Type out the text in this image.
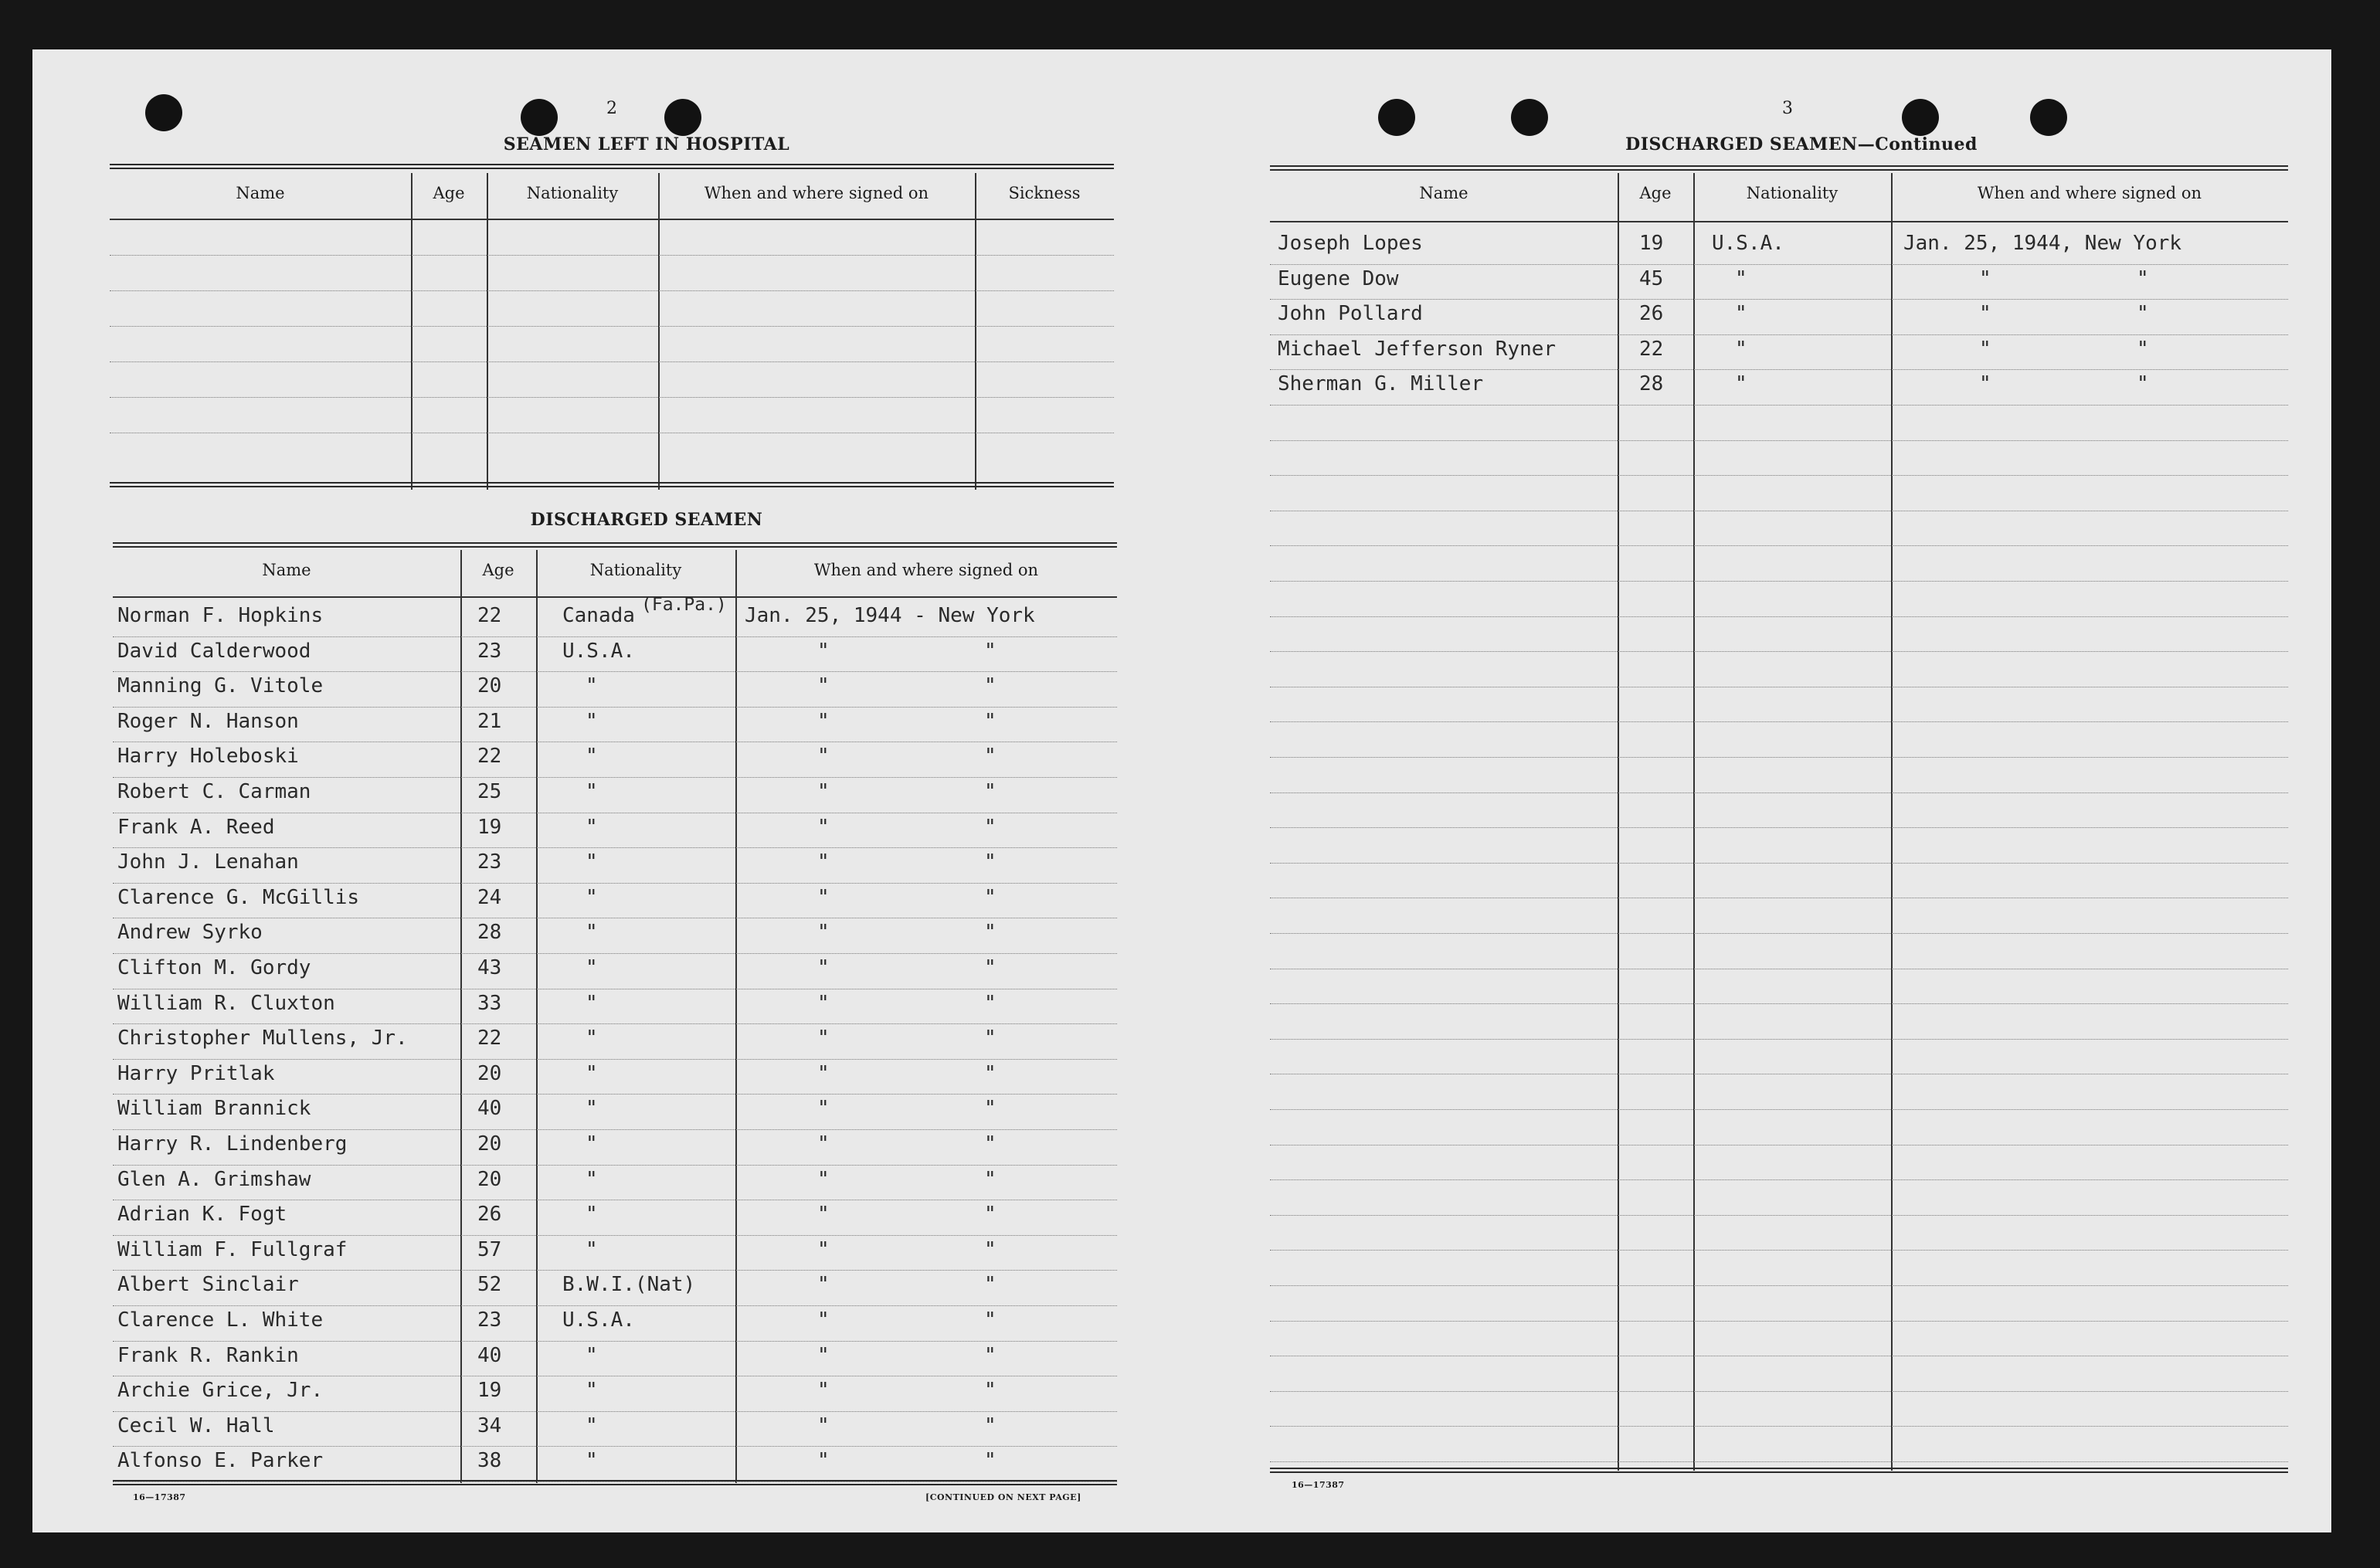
2
SEAMEN LEFT IN HOSPITAL
Name	Age	Nationality	When and where signed on	Sickness
DISCHARGED SEAMEN
Name	Age	Nationality	When and where signed on
(Fa.Pa.)
Norman F. Hopkins	22	Canada	Jan. 25, 1944 - New York
David Calderwood	23	U.S.A.	"	"
Manning G. Vitole	20	"	"	"
Roger N. Hanson	21	"	"	"
Harry Holeboski	22	"	"	"
Robert C. Carman	25	"	"	"
Frank A. Reed	19	"	"	"
John J. Lenahan	23	"	"	"
Clarence G. McGillis	24	"	"	"
Andrew Syrko	28	"	"	"
Clifton M. Gordy	43	"	"	"
William R. Cluxton	33	"	"	"
Christopher Mullens, Jr.	22	"	"	"
Harry Pritlak	20	"	"	"
William Brannick	40	"	"	"
Harry R. Lindenberg	20	"	"	"
Glen A. Grimshaw	20	"	"	"
Adrian K. Fogt	26	"	"	"
William F. Fullgraf	57	"	"	"
Albert Sinclair	52	B.W.I.(Nat)	"	"
Clarence L. White	23	U.S.A.	"	"
Frank R. Rankin	40	"	"	"
Archie Grice, Jr.	19	"	"	"
Cecil W. Hall	34	"	"	"
Alfonso E. Parker	38	"	"	"
16—17387	[CONTINUED ON NEXT PAGE]
3
DISCHARGED SEAMEN—Continued
Name	Age	Nationality	When and where signed on
Joseph Lopes	19 U.S.A.	Jan. 25, 1944, New York
Eugene Dow	45	"	"	"
John Pollard	26	"	"	"
Michael Jefferson Ryner	22	"	"	"
Sherman G. Miller	28	"	"	"
16—17387
